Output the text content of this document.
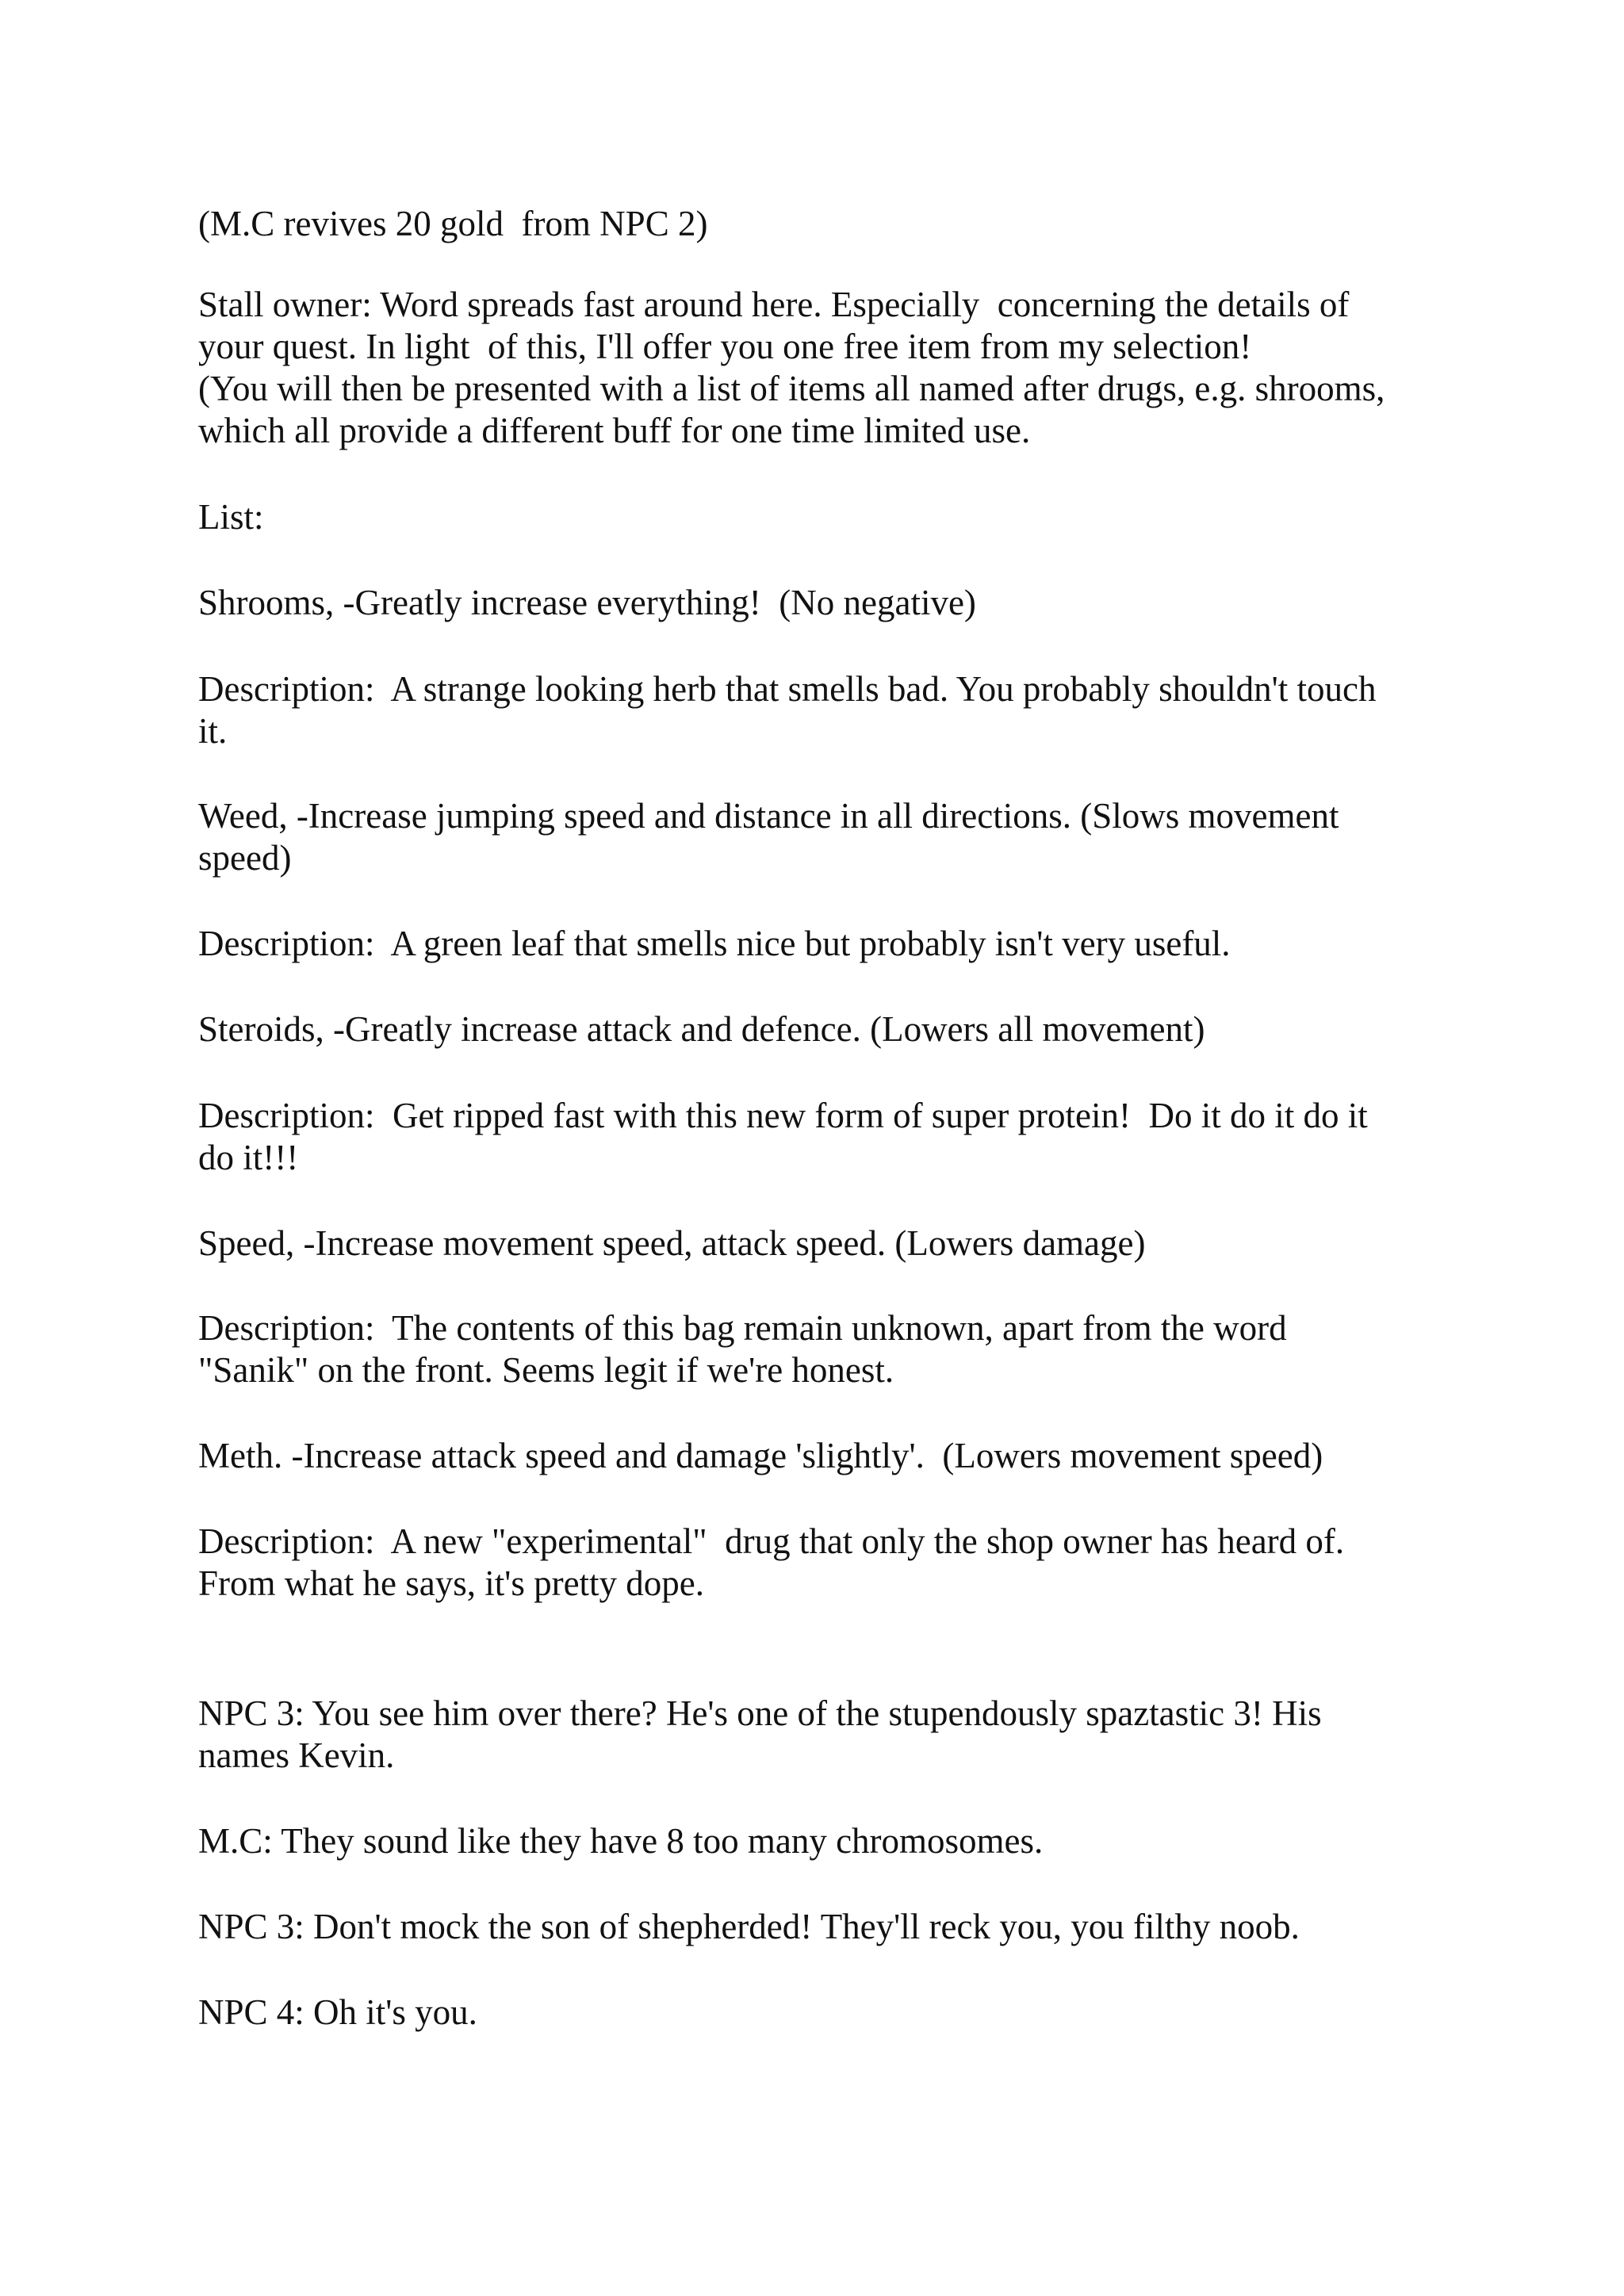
(M.C revives 20 gold  from NPC 2)
Stall owner: Word spreads fast around here. Especially  concerning the details of
your quest. In light  of this, I'll offer you one free item from my selection!
(You will then be presented with a list of items all named after drugs, e.g. shrooms,
which all provide a different buff for one time limited use.
List:
Shrooms, -Greatly increase everything!  (No negative)
Description:  A strange looking herb that smells bad. You probably shouldn't touch
it.
Weed, -Increase jumping speed and distance in all directions. (Slows movement
speed)
Description:  A green leaf that smells nice but probably isn't very useful.
Steroids, -Greatly increase attack and defence. (Lowers all movement)
Description:  Get ripped fast with this new form of super protein!  Do it do it do it
do it!!!
Speed, -Increase movement speed, attack speed. (Lowers damage)
Description:  The contents of this bag remain unknown, apart from the word
"Sanik" on the front. Seems legit if we're honest.
Meth. -Increase attack speed and damage 'slightly'.  (Lowers movement speed)
Description:  A new "experimental"  drug that only the shop owner has heard of.
From what he says, it's pretty dope.
NPC 3: You see him over there? He's one of the stupendously spaztastic 3! His
names Kevin.
M.C: They sound like they have 8 too many chromosomes.
NPC 3: Don't mock the son of shepherded! They'll reck you, you filthy noob.
NPC 4: Oh it's you.
